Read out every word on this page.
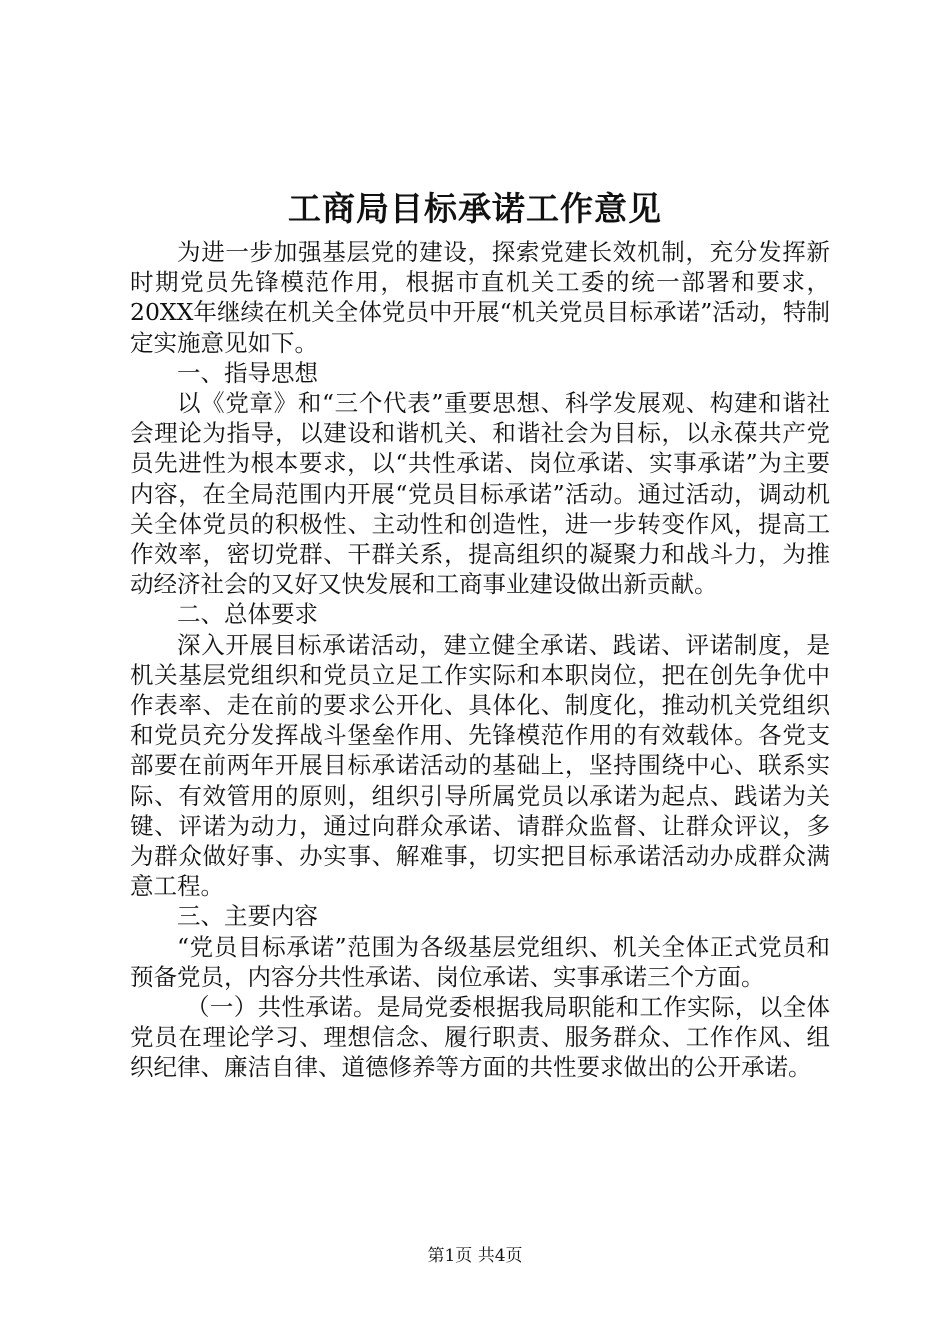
工商局目标承诺工作意见

为进一步加强基层党的建设，探索党建长效机制，充分发挥新时期党员先锋模范作用，根据市直机关工委的统一部署和要求，20XX年继续在机关全体党员中开展“机关党员目标承诺”活动，特制定实施意见如下。

一、指导思想

以《党章》和“三个代表”重要思想、科学发展观、构建和谐社会理论为指导，以建设和谐机关、和谐社会为目标，以永葆共产党员先进性为根本要求，以“共性承诺、岗位承诺、实事承诺”为主要内容，在全局范围内开展“党员目标承诺”活动。通过活动，调动机关全体党员的积极性、主动性和创造性，进一步转变作风，提高工作效率，密切党群、干群关系，提高组织的凝聚力和战斗力，为推动经济社会的又好又快发展和工商事业建设做出新贡献。

二、总体要求

深入开展目标承诺活动，建立健全承诺、践诺、评诺制度，是机关基层党组织和党员立足工作实际和本职岗位，把在创先争优中作表率、走在前的要求公开化、具体化、制度化，推动机关党组织和党员充分发挥战斗堡垒作用、先锋模范作用的有效载体。各党支部要在前两年开展目标承诺活动的基础上，坚持围绕中心、联系实际、有效管用的原则，组织引导所属党员以承诺为起点、践诺为关键、评诺为动力，通过向群众承诺、请群众监督、让群众评议，多为群众做好事、办实事、解难事，切实把目标承诺活动办成群众满意工程。

三、主要内容

“党员目标承诺”范围为各级基层党组织、机关全体正式党员和预备党员，内容分共性承诺、岗位承诺、实事承诺三个方面。

（一）共性承诺。是局党委根据我局职能和工作实际，以全体党员在理论学习、理想信念、履行职责、服务群众、工作作风、组织纪律、廉洁自律、道德修养等方面的共性要求做出的公开承诺。

第1页 共4页
